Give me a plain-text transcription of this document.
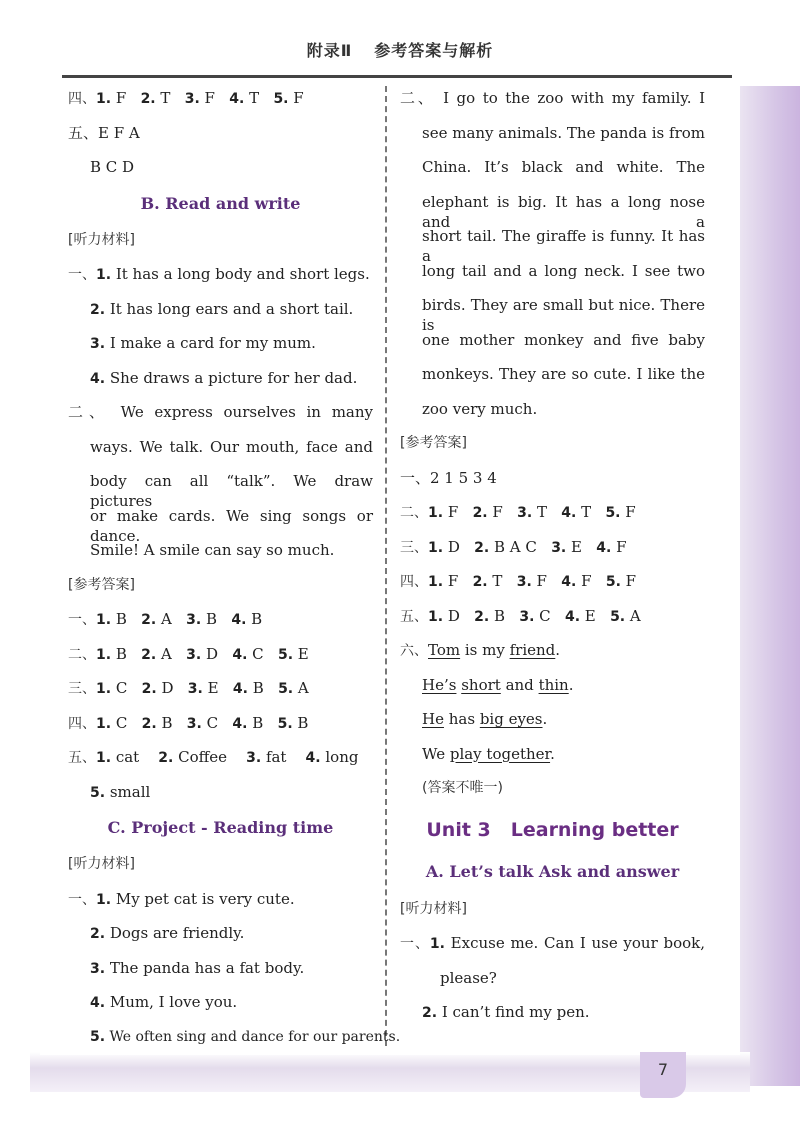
附录Ⅱ 参考答案与解析
四、1. F 2. T 3. F 4. T 5. F
五、E F A
B C D
B. Read and write
[听力材料]
一、1. It has a long body and short legs.
2. It has long ears and a short tail.
3. I make a card for my mum.
4. She draws a picture for her dad.
二、 We express ourselves in many
ways. We talk. Our mouth, face and
body can all “talk”. We draw pictures
or make cards. We sing songs or dance.
Smile! A smile can say so much.
[参考答案]
一、1. B 2. A 3. B 4. B
二、1. B 2. A 3. D 4. C 5. E
三、1. C 2. D 3. E 4. B 5. A
四、1. C 2. B 3. C 4. B 5. B
五、1. cat 2. Coffee 3. fat 4. long
5. small
C. Project - Reading time
[听力材料]
一、1. My pet cat is very cute.
2. Dogs are friendly.
3. The panda has a fat body.
4. Mum, I love you.
5. We often sing and dance for our parents.
二、 I go to the zoo with my family. I
see many animals. The panda is from
China. It’s black and white. The
elephant is big. It has a long nose and a
short tail. The giraffe is funny. It has a
long tail and a long neck. I see two
birds. They are small but nice. There is
one mother monkey and five baby
monkeys. They are so cute. I like the
zoo very much.
[参考答案]
一、2 1 5 3 4
二、1. F 2. F 3. T 4. T 5. F
三、1. D 2. B A C 3. E 4. F
四、1. F 2. T 3. F 4. F 5. F
五、1. D 2. B 3. C 4. E 5. A
六、Tom is my friend.
He’s short and thin.
He has big eyes.
We play together.
(答案不唯一)
Unit 3 Learning better
A. Let’s talk Ask and answer
[听力材料]
一、1. Excuse me. Can I use your book,
please?
2. I can’t find my pen.
7
